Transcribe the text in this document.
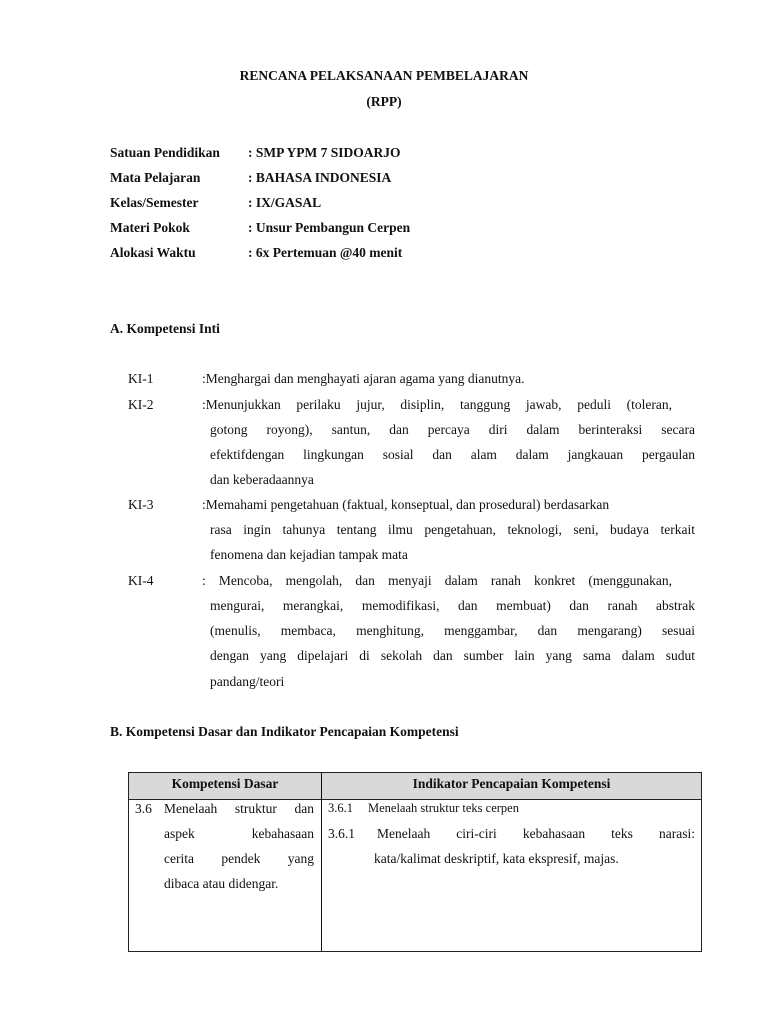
RENCANA PELAKSANAAN PEMBELAJARAN
(RPP)
Satuan Pendidikan : SMP YPM 7 SIDOARJO
Mata Pelajaran	: BAHASA INDONESIA
Kelas/Semester	: IX/GASAL
Materi Pokok	: Unsur Pembangun Cerpen
Alokasi Waktu	: 6x Pertemuan @40 menit
A. Kompetensi Inti
KI-1	:Menghargai dan menghayati ajaran agama yang dianutnya.
KI-2	:Menunjukkan perilaku jujur, disiplin, tanggung jawab, peduli (toleran,
gotong royong), santun, dan percaya diri dalam berinteraksi secara
efektifdengan lingkungan sosial dan alam dalam jangkauan pergaulan
dan keberadaannya
KI-3	:Memahami pengetahuan (faktual, konseptual, dan prosedural) berdasarkan
rasa ingin tahunya tentang ilmu pengetahuan, teknologi, seni, budaya terkait
fenomena dan kejadian tampak mata
KI-4	: Mencoba, mengolah, dan menyaji dalam ranah konkret (menggunakan,
mengurai, merangkai, memodifikasi, dan membuat) dan ranah abstrak
(menulis, membaca, menghitung, menggambar, dan mengarang) sesuai
dengan yang dipelajari di sekolah dan sumber lain yang sama dalam sudut
pandang/teori
B. Kompetensi Dasar dan Indikator Pencapaian Kompetensi
Kompetensi Dasar	Indikator Pencapaian Kompetensi
3.6 Menelaah struktur dan
aspek kebahasaan
cerita pendek yang
dibaca atau didengar.
3.6.1 Menelaah struktur teks cerpen
3.6.1 Menelaah ciri-ciri kebahasaan teks narasi:
kata/kalimat deskriptif, kata ekspresif, majas.
